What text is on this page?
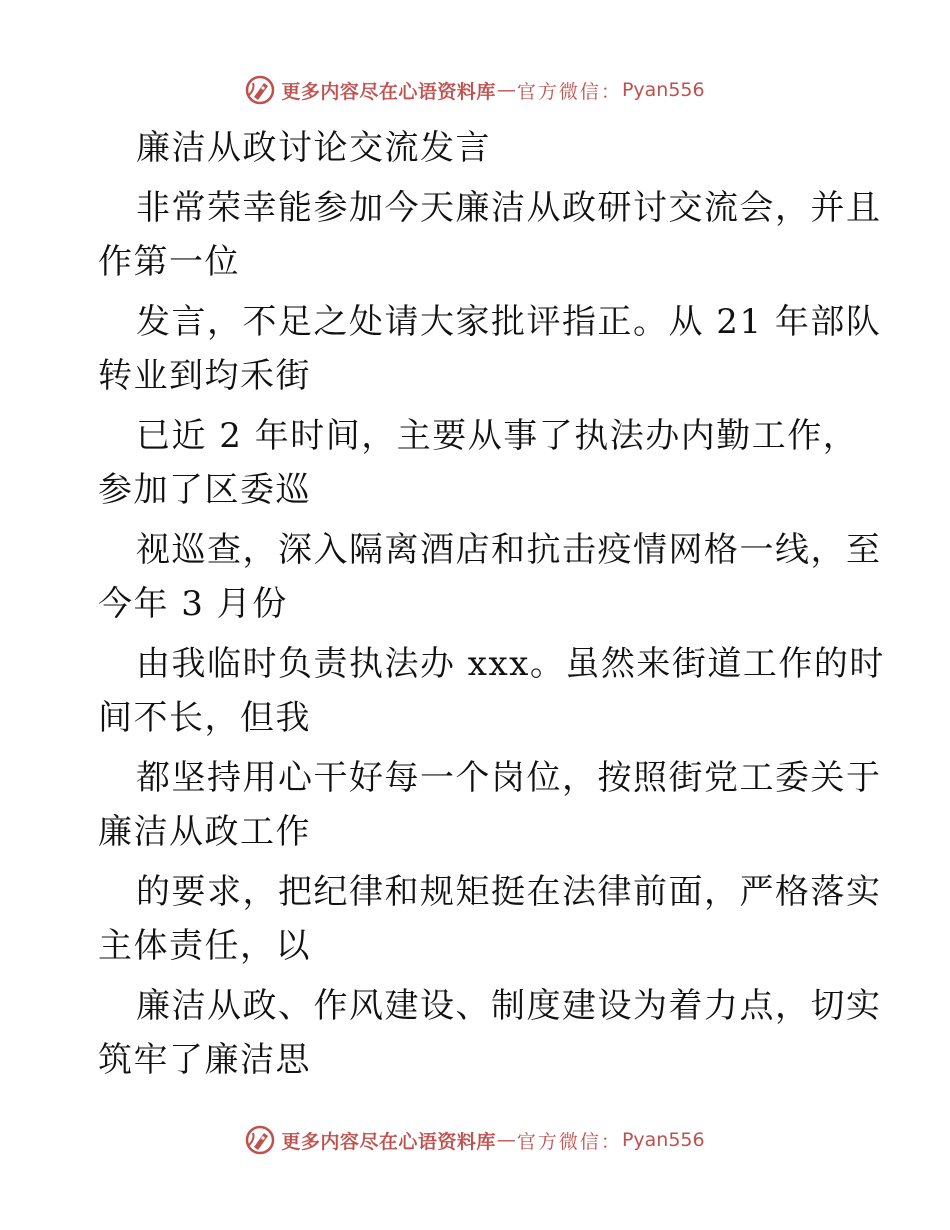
更多内容尽在心语资料库 — 官方微信： Pyan556
廉洁从政讨论交流发言
非常荣幸能参加今天廉洁从政研讨交流会，并且
作第一位
发言，不足之处请大家批评指正。从 21 年部队
转业到均禾街
已近 2 年时间，主要从事了执法办内勤工作，
参加了区委巡
视巡查，深入隔离酒店和抗击疫情网格一线，至
今年 3 月份
由我临时负责执法办 xxx。虽然来街道工作的时
间不长，但我
都坚持用心干好每一个岗位，按照街党工委关于
廉洁从政工作
的要求，把纪律和规矩挺在法律前面，严格落实
主体责任，以
廉洁从政、作风建设、制度建设为着力点，切实
筑牢了廉洁思
更多内容尽在心语资料库 — 官方微信： Pyan556
